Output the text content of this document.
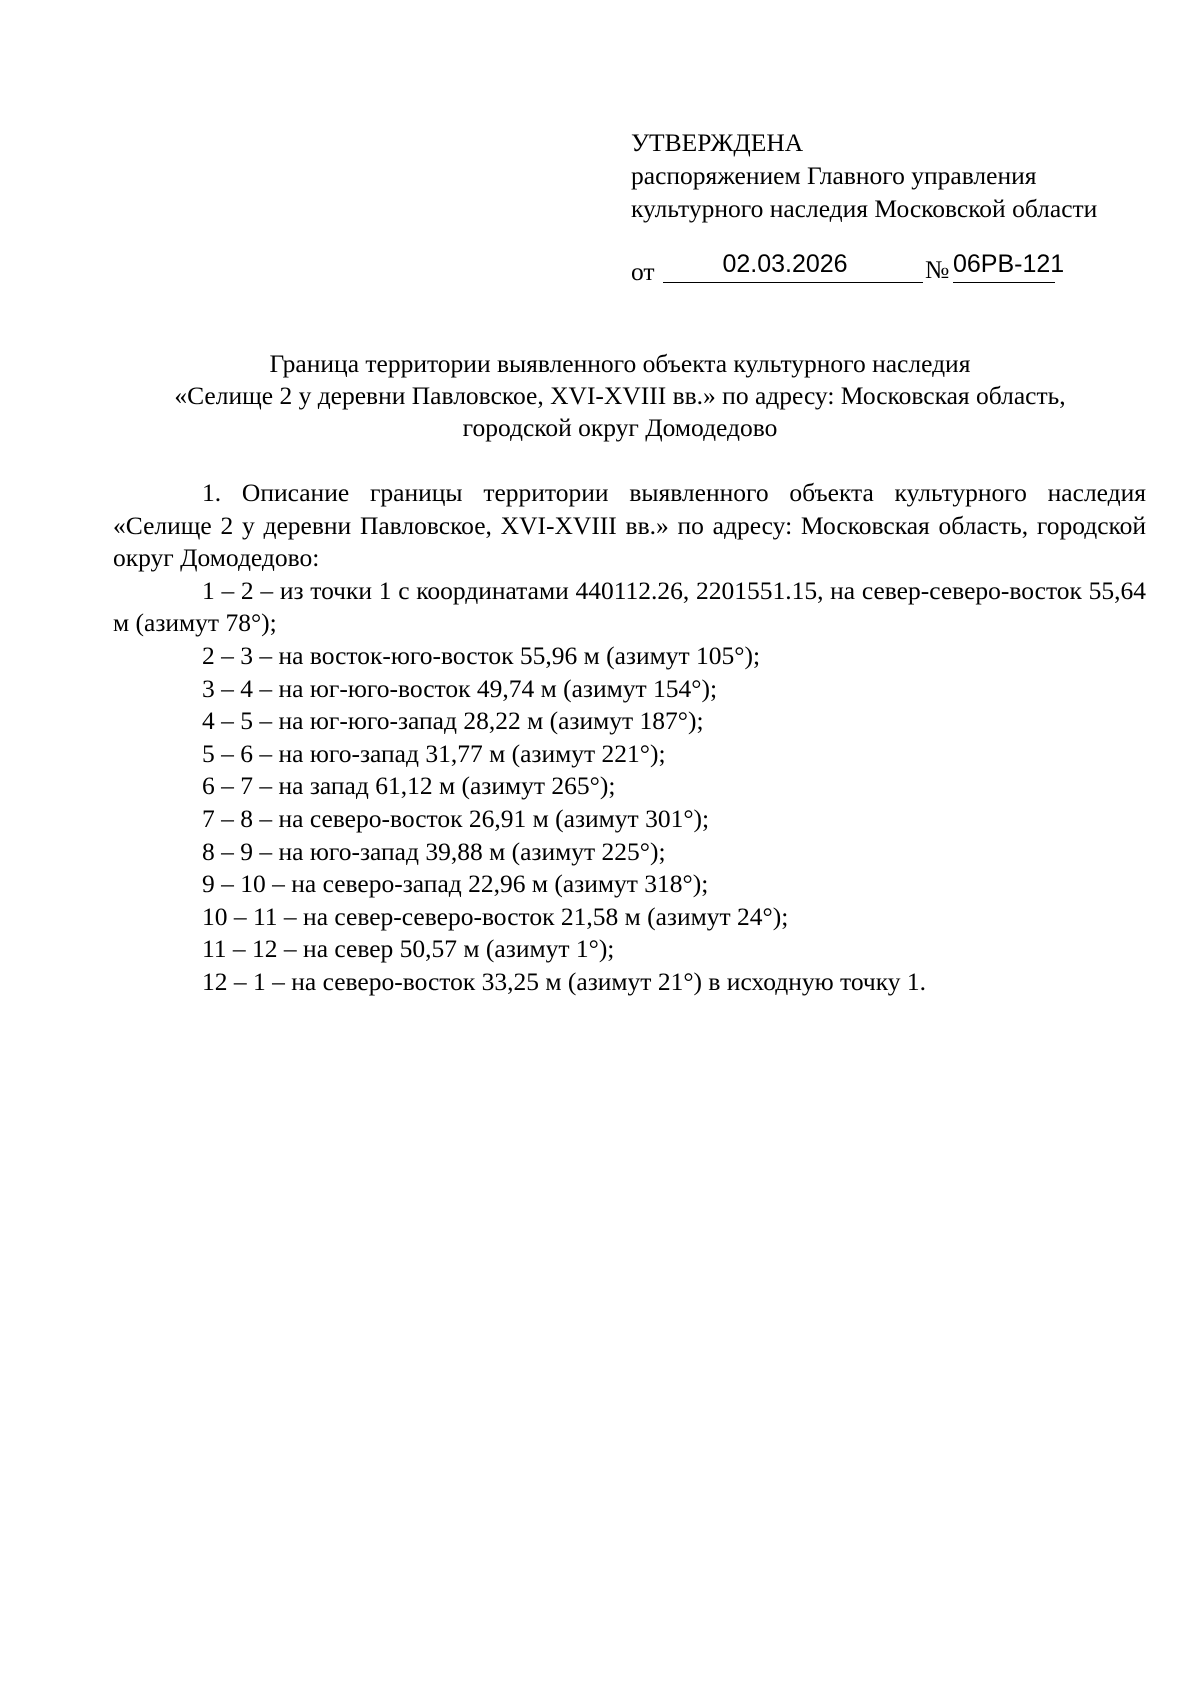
УТВЕРЖДЕНА
распоряжением Главного управления
культурного наследия Московской области
от	02.03.2026	№ 06РВ-121
Граница территории выявленного объекта культурного наследия
«Селище 2 у деревни Павловское, XVI-XVIII вв.» по адресу: Московская область,
городской округ Домодедово

1. Описание границы территории выявленного объекта культурного наследия «Селище 2 у деревни Павловское, XVI-XVIII вв.» по адресу: Московская область, городской округ Домодедово:

1 – 2 – из точки 1 с координатами 440112.26, 2201551.15, на север-северо-восток 55,64 м (азимут 78°);

2 – 3 – на восток-юго-восток 55,96 м (азимут 105°);
3 – 4 – на юг-юго-восток 49,74 м (азимут 154°);
4 – 5 – на юг-юго-запад 28,22 м (азимут 187°);
5 – 6 – на юго-запад 31,77 м (азимут 221°);
6 – 7 – на запад 61,12 м (азимут 265°);
7 – 8 – на северо-восток 26,91 м (азимут 301°);
8 – 9 – на юго-запад 39,88 м (азимут 225°);
9 – 10 – на северо-запад 22,96 м (азимут 318°);
10 – 11 – на север-северо-восток 21,58 м (азимут 24°);
11 – 12 – на север 50,57 м (азимут 1°);
12 – 1 – на северо-восток 33,25 м (азимут 21°) в исходную точку 1.
